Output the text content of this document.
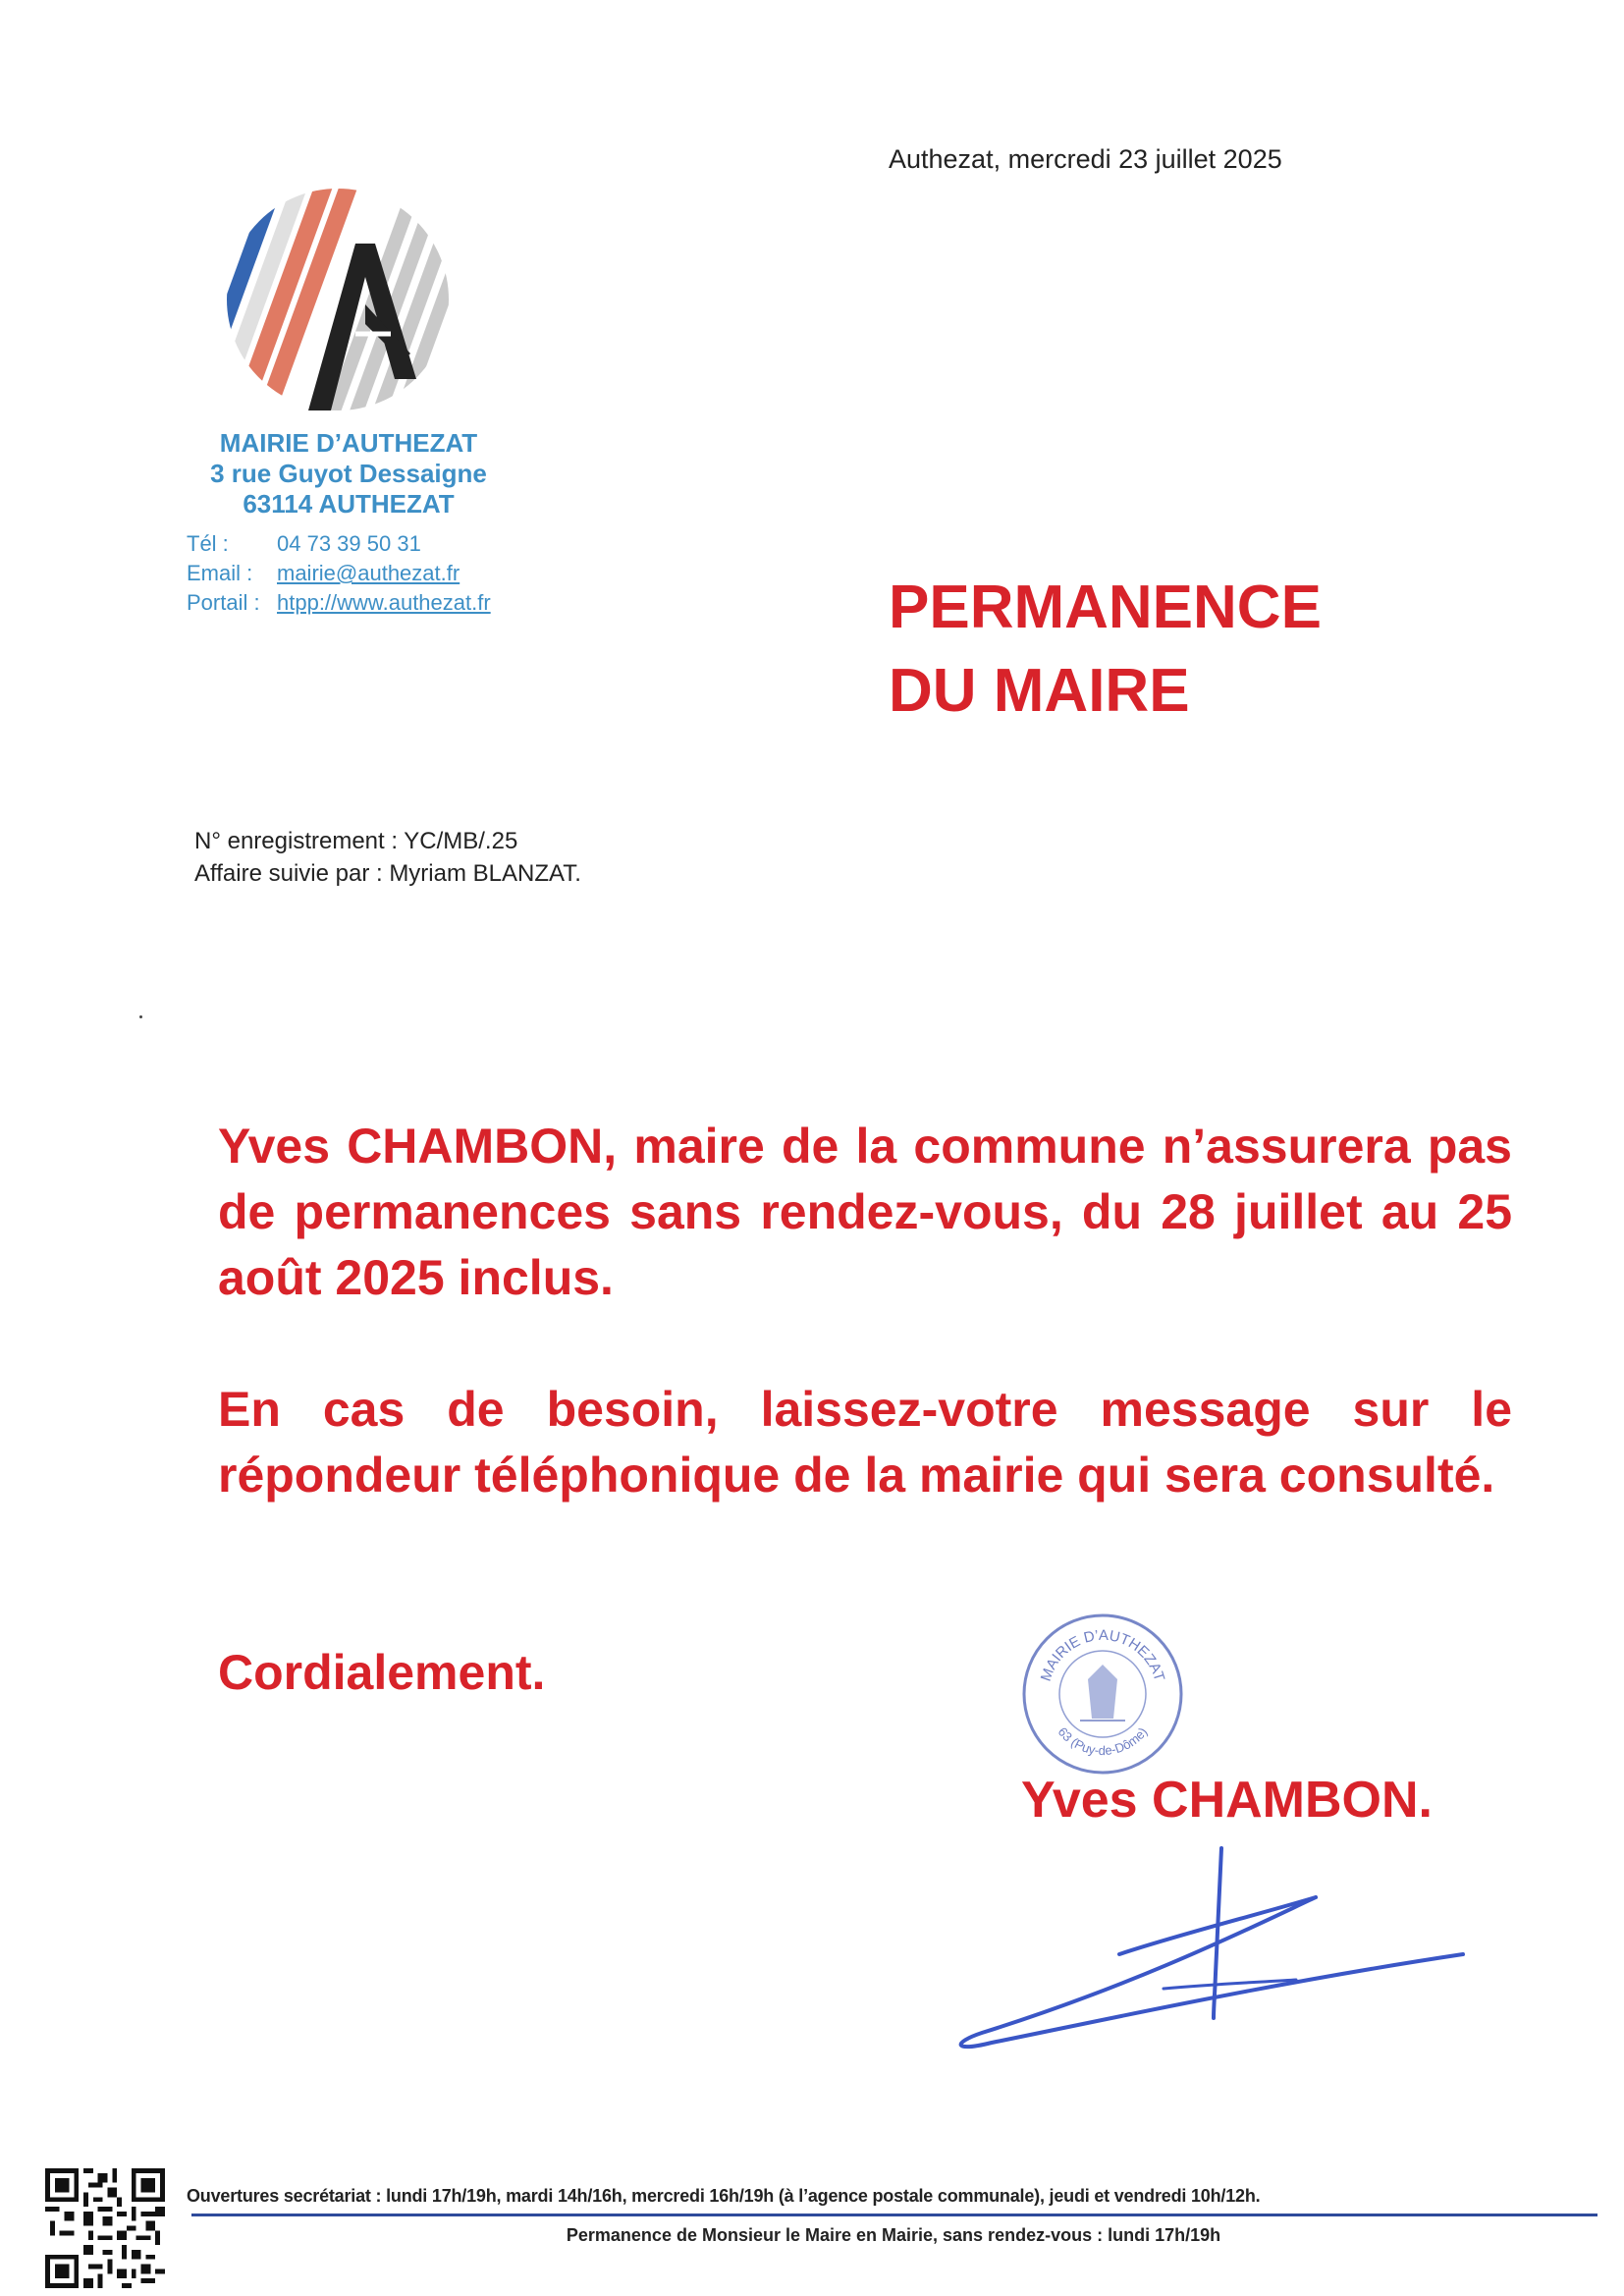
MAIRIE D’AUTHEZAT
3 rue Guyot Dessaigne
63114 AUTHEZAT
Tél : 04 73 39 50 31
Email : mairie@authezat.fr
Portail : htpp://www.authezat.fr
Authezat, mercredi 23 juillet 2025
PERMANENCE
DU MAIRE
N° enregistrement : YC/MB/.25
Affaire suivie par : Myriam BLANZAT.
Yves CHAMBON, maire de la commune n’assurera pas de permanences sans rendez-vous, du 28 juillet au 25 août 2025 inclus.
En cas de besoin, laissez-votre message sur le répondeur téléphonique de la mairie qui sera consulté.
Cordialement.	MAIRIE D’AUTHEZAT
63 (Puy-de-Dôme)
Yves CHAMBON.
Ouvertures secrétariat : lundi 17h/19h, mardi 14h/16h, mercredi 16h/19h (à l’agence postale communale), jeudi et vendredi 10h/12h.
Permanence de Monsieur le Maire en Mairie, sans rendez-vous : lundi 17h/19h
